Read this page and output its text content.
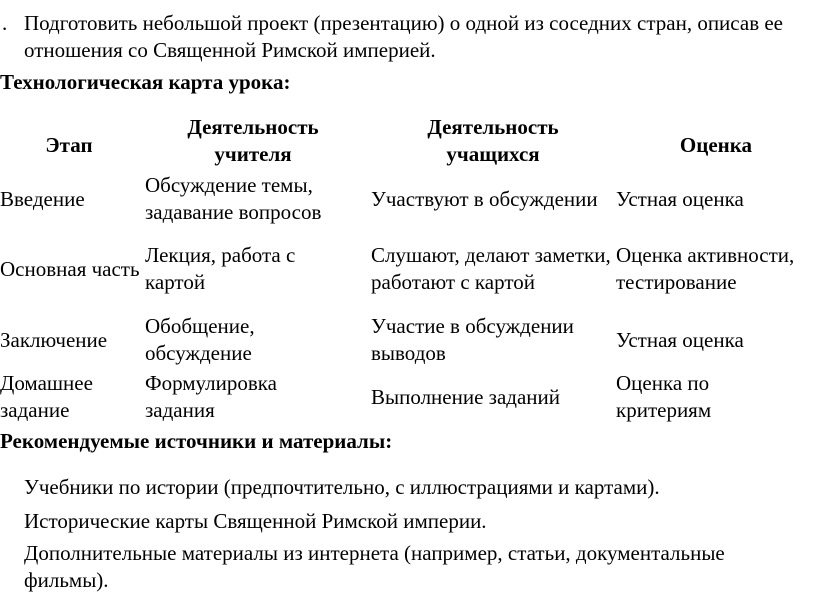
. Подготовить небольшой проект (презентацию) о одной из соседних стран, описав ее отношения со Священной Римской империей.
Технологическая карта урока:
Этап
Деятельность учителя
Деятельность учащихся	Оценка
Введение
Обсуждение темы, задавание вопросов
Участвуют в обсуждении Устная оценка
Основная часть
Лекция, работа с картой
Слушают, делают заметки, работают с картой
Оценка активности, тестирование
Заключение
Обобщение, обсуждение
Участие в обсуждении выводов
Устная оценка
Домашнее задание
Формулировка задания
Выполнение заданий
Оценка по критериям
Рекомендуемые источники и материалы:
Учебники по истории (предпочтительно, с иллюстрациями и картами).
Исторические карты Священной Римской империи.
Дополнительные материалы из интернета (например, статьи, документальные фильмы).
